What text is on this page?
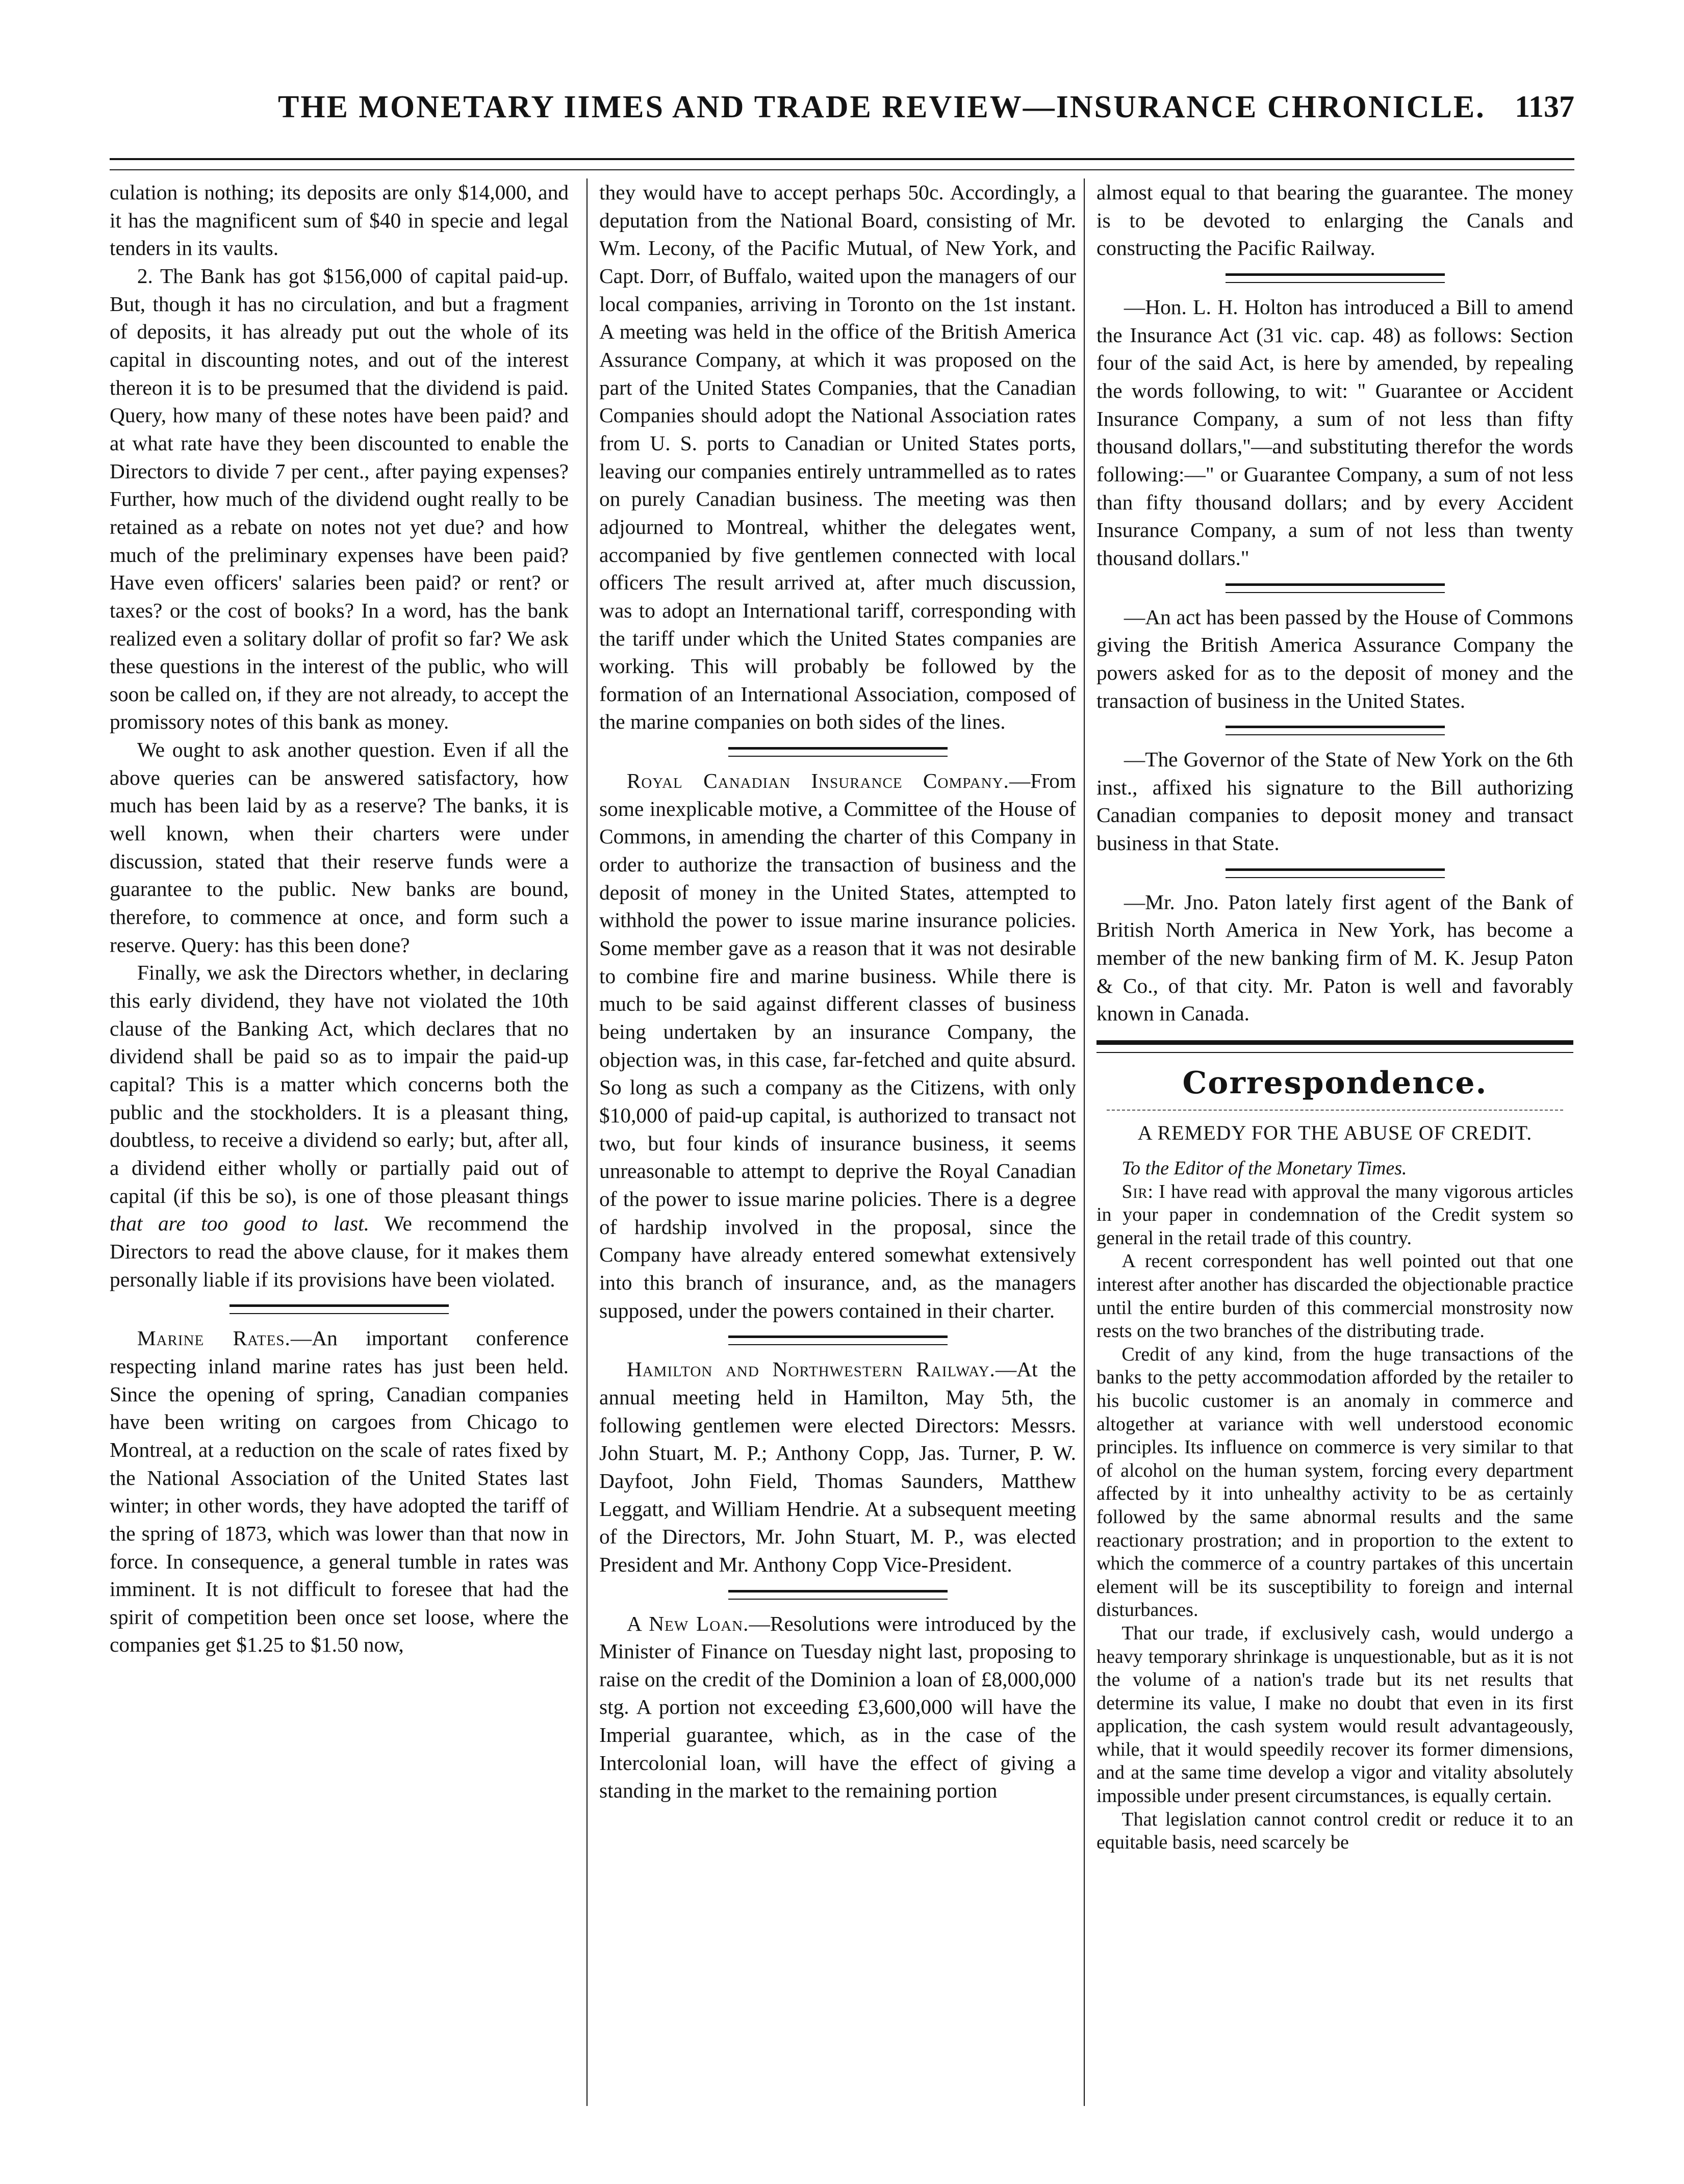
THE MONETARY IIMES AND TRADE REVIEW—INSURANCE CHRONICLE. 1137

culation is nothing; its deposits are only $14,000, and it has the magnificent sum of $40 in specie and legal tenders in its vaults.

2. The Bank has got $156,000 of capital paid-up. But, though it has no circulation, and but a fragment of deposits, it has already put out the whole of its capital in discounting notes, and out of the interest thereon it is to be presumed that the dividend is paid. Query, how many of these notes have been paid? and at what rate have they been discounted to enable the Directors to divide 7 per cent., after paying expenses? Further, how much of the dividend ought really to be retained as a rebate on notes not yet due? and how much of the preliminary expenses have been paid? Have even officers' salaries been paid? or rent? or taxes? or the cost of books? In a word, has the bank realized even a solitary dollar of profit so far? We ask these questions in the interest of the public, who will soon be called on, if they are not already, to accept the promissory notes of this bank as money.

We ought to ask another question. Even if all the above queries can be answered satisfactory, how much has been laid by as a reserve? The banks, it is well known, when their charters were under discussion, stated that their reserve funds were a guarantee to the public. New banks are bound, therefore, to commence at once, and form such a reserve. Query: has this been done?

Finally, we ask the Directors whether, in declaring this early dividend, they have not violated the 10th clause of the Banking Act, which declares that no dividend shall be paid so as to impair the paid-up capital? This is a matter which concerns both the public and the stockholders. It is a pleasant thing, doubtless, to receive a dividend so early; but, after all, a dividend either wholly or partially paid out of capital (if this be so), is one of those pleasant things that are too good to last. We recommend the Directors to read the above clause, for it makes them personally liable if its provisions have been violated.

Marine Rates.—An important conference respecting inland marine rates has just been held. Since the opening of spring, Canadian companies have been writing on cargoes from Chicago to Montreal, at a reduction on the scale of rates fixed by the National Association of the United States last winter; in other words, they have adopted the tariff of the spring of 1873, which was lower than that now in force. In consequence, a general tumble in rates was imminent. It is not difficult to foresee that had the spirit of competition been once set loose, where the companies get $1.25 to $1.50 now,

they would have to accept perhaps 50c. Accordingly, a deputation from the National Board, consisting of Mr. Wm. Lecony, of the Pacific Mutual, of New York, and Capt. Dorr, of Buffalo, waited upon the managers of our local companies, arriving in Toronto on the 1st instant. A meeting was held in the office of the British America Assurance Company, at which it was proposed on the part of the United States Companies, that the Canadian Companies should adopt the National Association rates from U. S. ports to Canadian or United States ports, leaving our companies entirely untrammelled as to rates on purely Canadian business. The meeting was then adjourned to Montreal, whither the delegates went, accompanied by five gentlemen connected with local officers The result arrived at, after much discussion, was to adopt an International tariff, corresponding with the tariff under which the United States companies are working. This will probably be followed by the formation of an International Association, composed of the marine companies on both sides of the lines.

Royal Canadian Insurance Company.—From some inexplicable motive, a Committee of the House of Commons, in amending the charter of this Company in order to authorize the transaction of business and the deposit of money in the United States, attempted to withhold the power to issue marine insurance policies. Some member gave as a reason that it was not desirable to combine fire and marine business. While there is much to be said against different classes of business being undertaken by an insurance Company, the objection was, in this case, far-fetched and quite absurd. So long as such a company as the Citizens, with only $10,000 of paid-up capital, is authorized to transact not two, but four kinds of insurance business, it seems unreasonable to attempt to deprive the Royal Canadian of the power to issue marine policies. There is a degree of hardship involved in the proposal, since the Company have already entered somewhat extensively into this branch of insurance, and, as the managers supposed, under the powers contained in their charter.

Hamilton and Northwestern Railway.—At the annual meeting held in Hamilton, May 5th, the following gentlemen were elected Directors: Messrs. John Stuart, M. P.; Anthony Copp, Jas. Turner, P. W. Dayfoot, John Field, Thomas Saunders, Matthew Leggatt, and William Hendrie. At a subsequent meeting of the Directors, Mr. John Stuart, M. P., was elected President and Mr. Anthony Copp Vice-President.

A New Loan.—Resolutions were introduced by the Minister of Finance on Tuesday night last, proposing to raise on the credit of the Dominion a loan of £8,000,000 stg. A portion not exceeding £3,600,000 will have the Imperial guarantee, which, as in the case of the Intercolonial loan, will have the effect of giving a standing in the market to the remaining portion

almost equal to that bearing the guarantee. The money is to be devoted to enlarging the Canals and constructing the Pacific Railway.

—Hon. L. H. Holton has introduced a Bill to amend the Insurance Act (31 vic. cap. 48) as follows: Section four of the said Act, is here by amended, by repealing the words following, to wit: " Guarantee or Accident Insurance Company, a sum of not less than fifty thousand dollars,"—and substituting therefor the words following:—" or Guarantee Company, a sum of not less than fifty thousand dollars; and by every Accident Insurance Company, a sum of not less than twenty thousand dollars."

—An act has been passed by the House of Commons giving the British America Assurance Company the powers asked for as to the deposit of money and the transaction of business in the United States.

—The Governor of the State of New York on the 6th inst., affixed his signature to the Bill authorizing Canadian companies to deposit money and transact business in that State.

—Mr. Jno. Paton lately first agent of the Bank of British North America in New York, has become a member of the new banking firm of M. K. Jesup Paton & Co., of that city. Mr. Paton is well and favorably known in Canada.

Correspondence.
A REMEDY FOR THE ABUSE OF CREDIT.

To the Editor of the Monetary Times.

Sir: I have read with approval the many vigorous articles in your paper in condemnation of the Credit system so general in the retail trade of this country.

A recent correspondent has well pointed out that one interest after another has discarded the objectionable practice until the entire burden of this commercial monstrosity now rests on the two branches of the distributing trade.

Credit of any kind, from the huge transactions of the banks to the petty accommodation afforded by the retailer to his bucolic customer is an anomaly in commerce and altogether at variance with well understood economic principles. Its influence on commerce is very similar to that of alcohol on the human system, forcing every department affected by it into unhealthy activity to be as certainly followed by the same abnormal results and the same reactionary prostration; and in proportion to the extent to which the commerce of a country partakes of this uncertain element will be its susceptibility to foreign and internal disturbances.

That our trade, if exclusively cash, would undergo a heavy temporary shrinkage is unquestionable, but as it is not the volume of a nation's trade but its net results that determine its value, I make no doubt that even in its first application, the cash system would result advantageously, while, that it would speedily recover its former dimensions, and at the same time develop a vigor and vitality absolutely impossible under present circumstances, is equally certain.

That legislation cannot control credit or reduce it to an equitable basis, need scarcely be
